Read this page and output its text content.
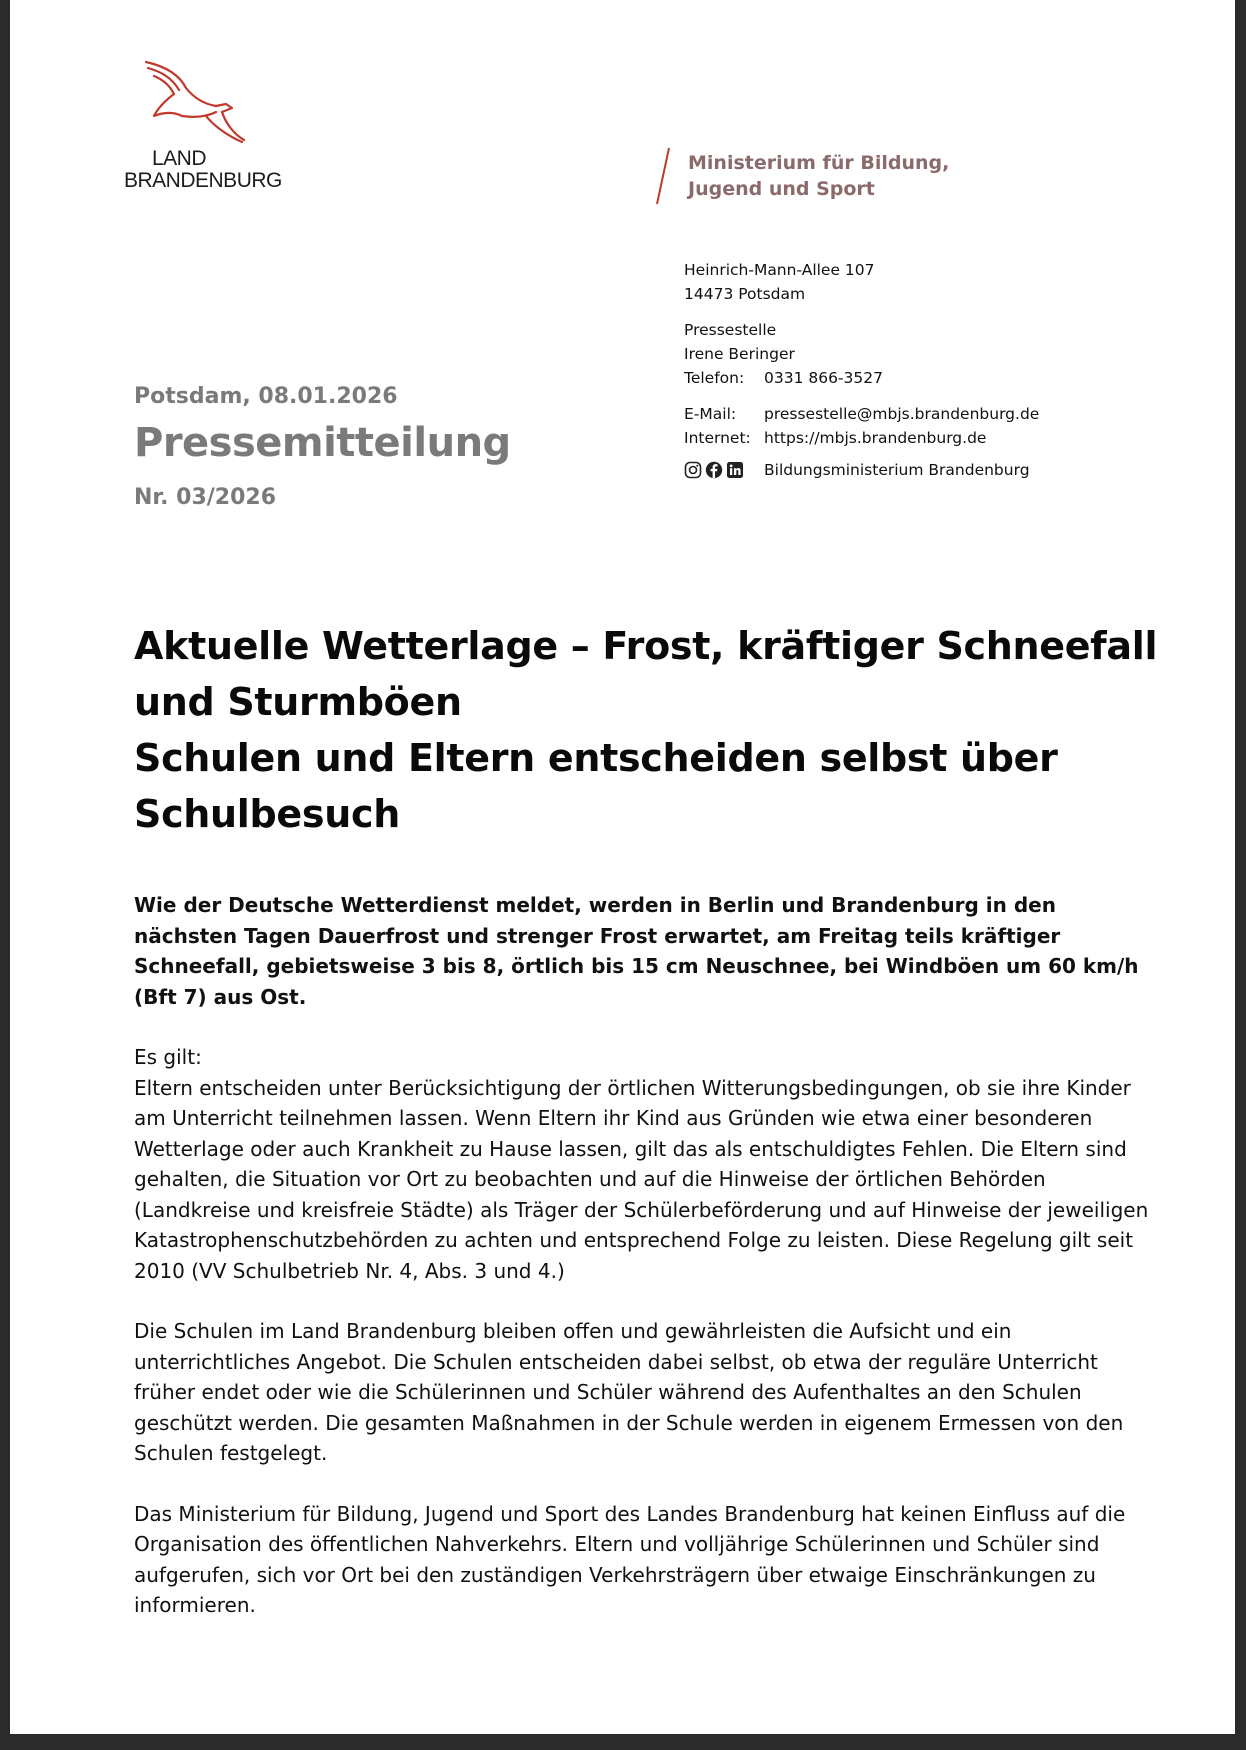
LAND
BRANDENBURG
Ministerium für Bildung,
Jugend und Sport
Heinrich-Mann-Allee 107
14473 Potsdam
Pressestelle
Irene Beringer
Telefon:	0331 866-3527
E-Mail:	pressestelle@mbjs.brandenburg.de
Internet: https://mbjs.brandenburg.de
Bildungsministerium Brandenburg
Potsdam, 08.01.2026
Pressemitteilung
Nr. 03/2026
Aktuelle Wetterlage – Frost, kräftiger Schneefall und Sturmböen
Schulen und Eltern entscheiden selbst über Schulbesuch

Wie der Deutsche Wetterdienst meldet, werden in Berlin und Brandenburg in den nächsten Tagen Dauerfrost und strenger Frost erwartet, am Freitag teils kräftiger Schneefall, gebietsweise 3 bis 8, örtlich bis 15 cm Neuschnee, bei Windböen um 60 km/h (Bft 7) aus Ost.

Es gilt:

Eltern entscheiden unter Berücksichtigung der örtlichen Witterungsbedingungen, ob sie ihre Kinder am Unterricht teilnehmen lassen. Wenn Eltern ihr Kind aus Gründen wie etwa einer besonderen Wetterlage oder auch Krankheit zu Hause lassen, gilt das als entschuldigtes Fehlen. Die Eltern sind gehalten, die Situation vor Ort zu beobachten und auf die Hinweise der örtlichen Behörden (Landkreise und kreisfreie Städte) als Träger der Schülerbeförderung und auf Hinweise der jeweiligen Katastrophenschutzbehörden zu achten und entsprechend Folge zu leisten. Diese Regelung gilt seit 2010 (VV Schulbetrieb Nr. 4, Abs. 3 und 4.)

Die Schulen im Land Brandenburg bleiben offen und gewährleisten die Aufsicht und ein unterrichtliches Angebot. Die Schulen entscheiden dabei selbst, ob etwa der reguläre Unterricht früher endet oder wie die Schülerinnen und Schüler während des Aufenthaltes an den Schulen geschützt werden. Die gesamten Maßnahmen in der Schule werden in eigenem Ermessen von den Schulen festgelegt.

Das Ministerium für Bildung, Jugend und Sport des Landes Brandenburg hat keinen Einfluss auf die Organisation des öffentlichen Nahverkehrs. Eltern und volljährige Schülerinnen und Schüler sind aufgerufen, sich vor Ort bei den zuständigen Verkehrsträgern über etwaige Einschränkungen zu informieren.
